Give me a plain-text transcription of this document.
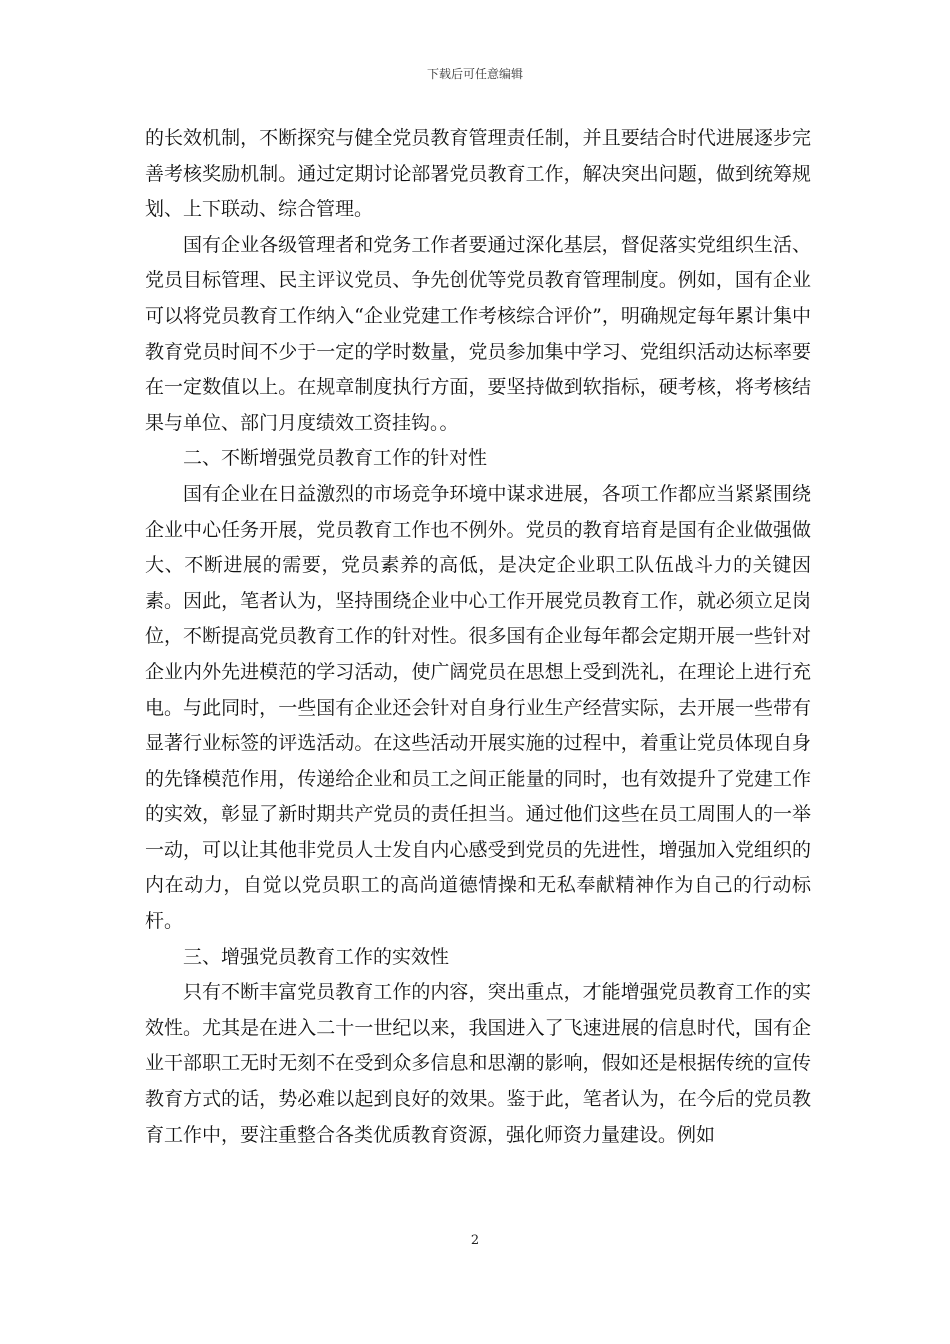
下载后可任意编辑

的长效机制，不断探究与健全党员教育管理责任制，并且要结合时代进展逐步完善考核奖励机制。通过定期讨论部署党员教育工作，解决突出问题，做到统筹规划、上下联动、综合管理。

国有企业各级管理者和党务工作者要通过深化基层，督促落实党组织生活、党员目标管理、民主评议党员、争先创优等党员教育管理制度。例如，国有企业可以将党员教育工作纳入“企业党建工作考核综合评价”，明确规定每年累计集中教育党员时间不少于一定的学时数量，党员参加集中学习、党组织活动达标率要在一定数值以上。在规章制度执行方面，要坚持做到软指标，硬考核，将考核结果与单位、部门月度绩效工资挂钩。。

二、不断增强党员教育工作的针对性

国有企业在日益激烈的市场竞争环境中谋求进展，各项工作都应当紧紧围绕企业中心任务开展，党员教育工作也不例外。党员的教育培育是国有企业做强做大、不断进展的需要，党员素养的高低，是决定企业职工队伍战斗力的关键因素。因此，笔者认为，坚持围绕企业中心工作开展党员教育工作，就必须立足岗位，不断提高党员教育工作的针对性。很多国有企业每年都会定期开展一些针对企业内外先进模范的学习活动，使广阔党员在思想上受到洗礼，在理论上进行充电。与此同时，一些国有企业还会针对自身行业生产经营实际，去开展一些带有显著行业标签的评选活动。在这些活动开展实施的过程中，着重让党员体现自身的先锋模范作用，传递给企业和员工之间正能量的同时，也有效提升了党建工作的实效，彰显了新时期共产党员的责任担当。通过他们这些在员工周围人的一举一动，可以让其他非党员人士发自内心感受到党员的先进性，增强加入党组织的内在动力，自觉以党员职工的高尚道德情操和无私奉献精神作为自己的行动标杆。

三、增强党员教育工作的实效性

只有不断丰富党员教育工作的内容，突出重点，才能增强党员教育工作的实效性。尤其是在进入二十一世纪以来，我国进入了飞速进展的信息时代，国有企业干部职工无时无刻不在受到众多信息和思潮的影响，假如还是根据传统的宣传教育方式的话，势必难以起到良好的效果。鉴于此，笔者认为，在今后的党员教育工作中，要注重整合各类优质教育资源，强化师资力量建设。例如

2
